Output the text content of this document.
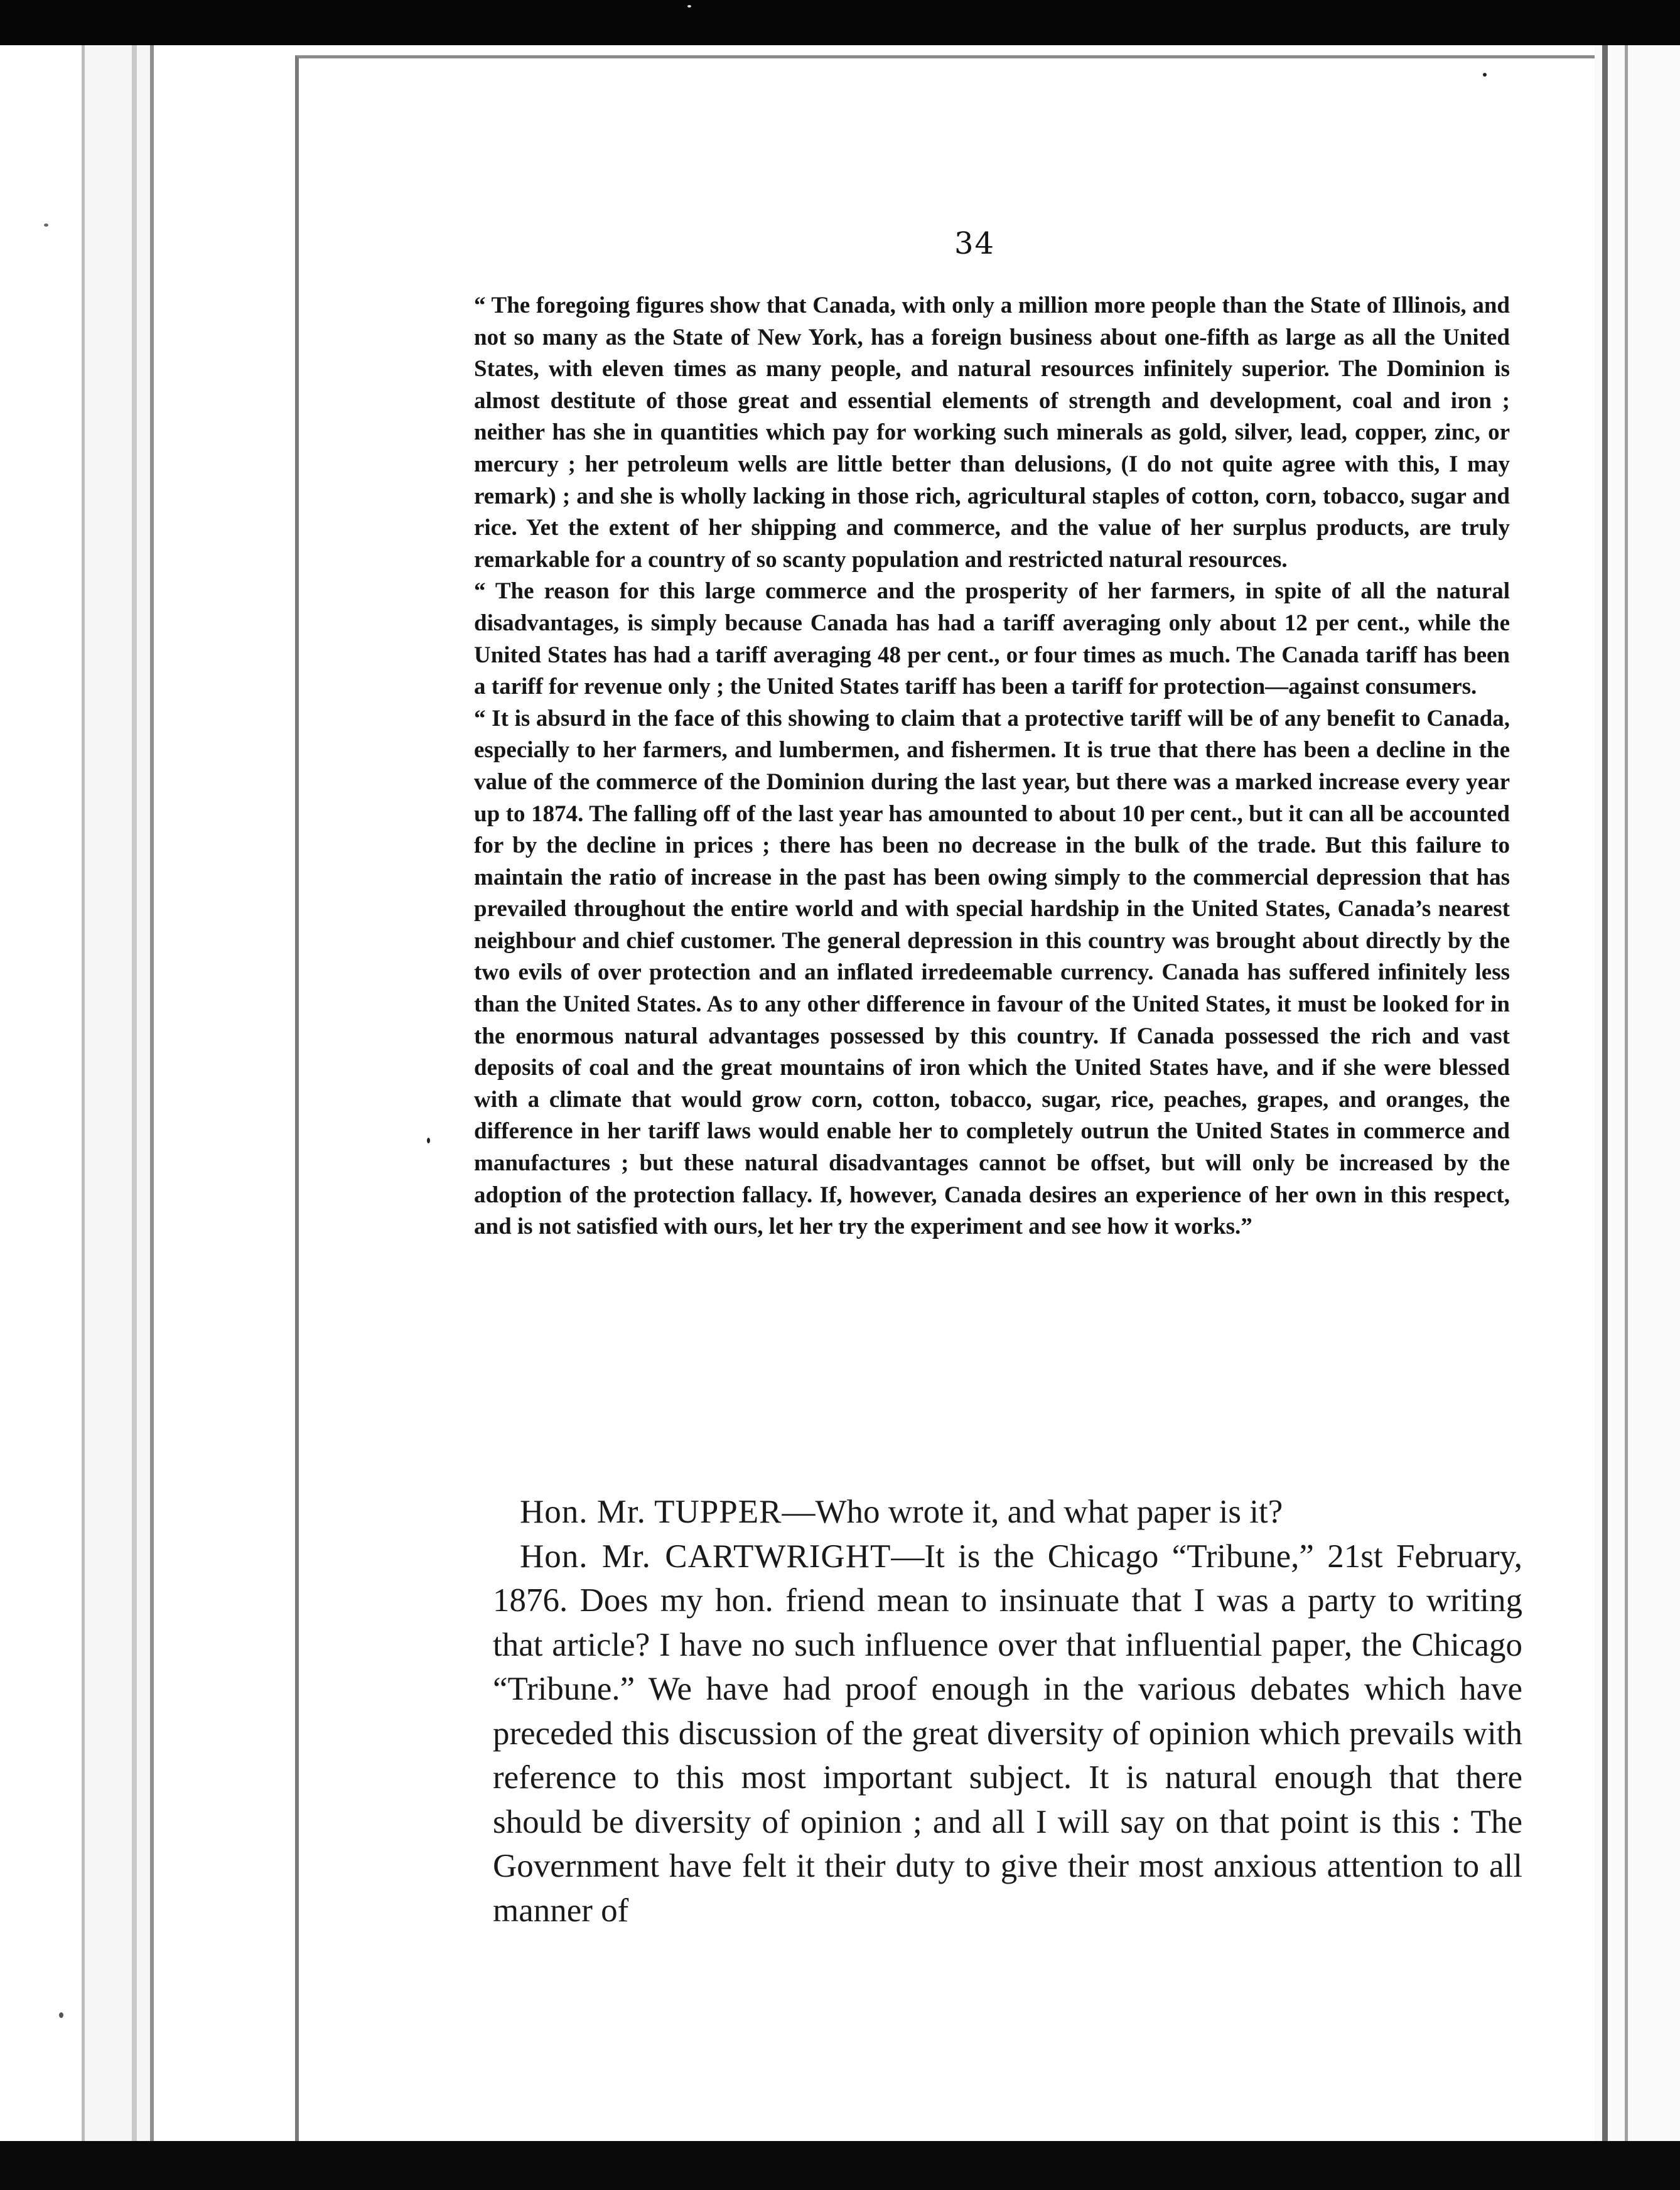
34

“ The foregoing figures show that Canada, with only a million more people than the State of Illinois, and not so many as the State of New York, has a foreign business about one-fifth as large as all the United States, with eleven times as many people, and natural resources infinitely superior. The Dominion is almost destitute of those great and essential elements of strength and development, coal and iron ; neither has she in quantities which pay for working such minerals as gold, silver, lead, copper, zinc, or mercury ; her petroleum wells are little better than delusions, (I do not quite agree with this, I may remark) ; and she is wholly lacking in those rich, agricultural staples of cotton, corn, tobacco, sugar and rice. Yet the extent of her shipping and commerce, and the value of her surplus products, are truly remarkable for a country of so scanty population and restricted natural resources.

“ The reason for this large commerce and the prosperity of her farmers, in spite of all the natural disadvantages, is simply because Canada has had a tariff averaging only about 12 per cent., while the United States has had a tariff averaging 48 per cent., or four times as much. The Canada tariff has been a tariff for revenue only ; the United States tariff has been a tariff for protection—against consumers.

“ It is absurd in the face of this showing to claim that a protective tariff will be of any benefit to Canada, especially to her farmers, and lumbermen, and fishermen. It is true that there has been a decline in the value of the commerce of the Dominion during the last year, but there was a marked increase every year up to 1874. The falling off of the last year has amounted to about 10 per cent., but it can all be accounted for by the decline in prices ; there has been no decrease in the bulk of the trade. But this failure to maintain the ratio of increase in the past has been owing simply to the commercial depression that has prevailed throughout the entire world and with special hardship in the United States, Canada’s nearest neighbour and chief customer. The general depression in this country was brought about directly by the two evils of over protection and an inflated irredeemable currency. Canada has suffered infinitely less than the United States. As to any other difference in favour of the United States, it must be looked for in the enormous natural advantages possessed by this country. If Canada possessed the rich and vast deposits of coal and the great mountains of iron which the United States have, and if she were blessed with a climate that would grow corn, cotton, tobacco, sugar, rice, peaches, grapes, and oranges, the difference in her tariff laws would enable her to completely outrun the United States in commerce and manufactures ; but these natural disadvantages cannot be offset, but will only be increased by the adoption of the protection fallacy. If, however, Canada desires an experience of her own in this respect, and is not satisfied with ours, let her try the experiment and see how it works.”

Hon. Mr. TUPPER—Who wrote it, and what paper is it?

Hon. Mr. CARTWRIGHT—It is the Chicago “Tribune,” 21st February, 1876. Does my hon. friend mean to insinuate that I was a party to writing that article? I have no such influence over that influential paper, the Chicago “Tribune.” We have had proof enough in the various debates which have preceded this discussion of the great diversity of opinion which prevails with reference to this most important subject. It is natural enough that there should be diversity of opinion ; and all I will say on that point is this : The Government have felt it their duty to give their most anxious attention to all manner of
